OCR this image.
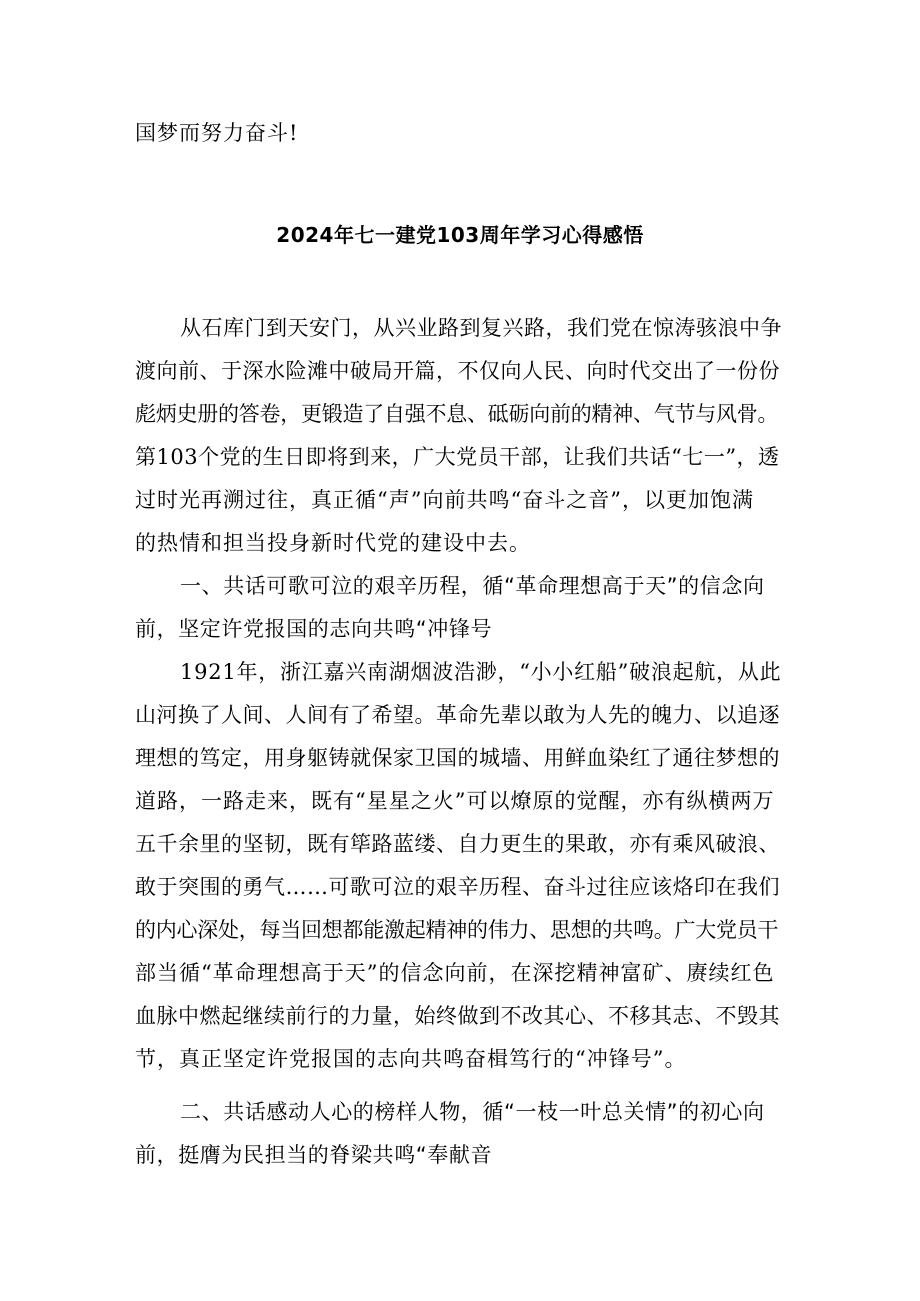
国梦而努力奋斗!
2024年七一建党103周年学习心得感悟
从石库门到天安门，从兴业路到复兴路，我们党在惊涛骇浪中争
渡向前、于深水险滩中破局开篇，不仅向人民、向时代交出了一份份
彪炳史册的答卷，更锻造了自强不息、砥砺向前的精神、气节与风骨。
第103个党的生日即将到来，广大党员干部，让我们共话“七一”，透
过时光再溯过往，真正循“声”向前共鸣“奋斗之音”，以更加饱满
的热情和担当投身新时代党的建设中去。
一、共话可歌可泣的艰辛历程，循“革命理想高于天”的信念向
前，坚定许党报国的志向共鸣“冲锋号
1921年，浙江嘉兴南湖烟波浩渺，“小小红船”破浪起航，从此
山河换了人间、人间有了希望。革命先辈以敢为人先的魄力、以追逐
理想的笃定，用身躯铸就保家卫国的城墙、用鲜血染红了通往梦想的
道路，一路走来，既有“星星之火”可以燎原的觉醒，亦有纵横两万
五千余里的坚韧，既有筚路蓝缕、自力更生的果敢，亦有乘风破浪、
敢于突围的勇气……可歌可泣的艰辛历程、奋斗过往应该烙印在我们
的内心深处，每当回想都能激起精神的伟力、思想的共鸣。广大党员干
部当循“革命理想高于天”的信念向前，在深挖精神富矿、赓续红色
血脉中燃起继续前行的力量，始终做到不改其心、不移其志、不毁其
节，真正坚定许党报国的志向共鸣奋楫笃行的“冲锋号”。
二、共话感动人心的榜样人物，循“一枝一叶总关情”的初心向
前，挺膺为民担当的脊梁共鸣“奉献音
